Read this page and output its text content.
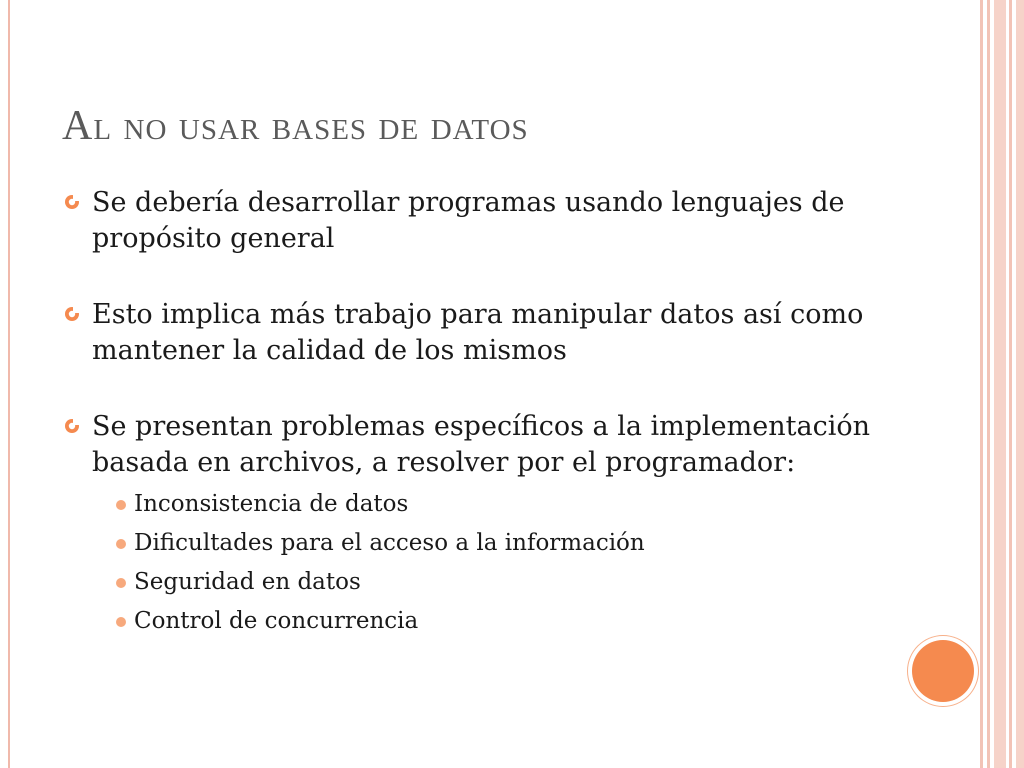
Al no usar bases de datos
Se debería desarrollar programas usando lenguajes de propósito general
Esto implica más trabajo para manipular datos así como mantener la calidad de los mismos
Se presentan problemas específicos a la implementación basada en archivos, a resolver por el programador:
Inconsistencia de datos
Dificultades para el acceso a la información
Seguridad en datos
Control de concurrencia
